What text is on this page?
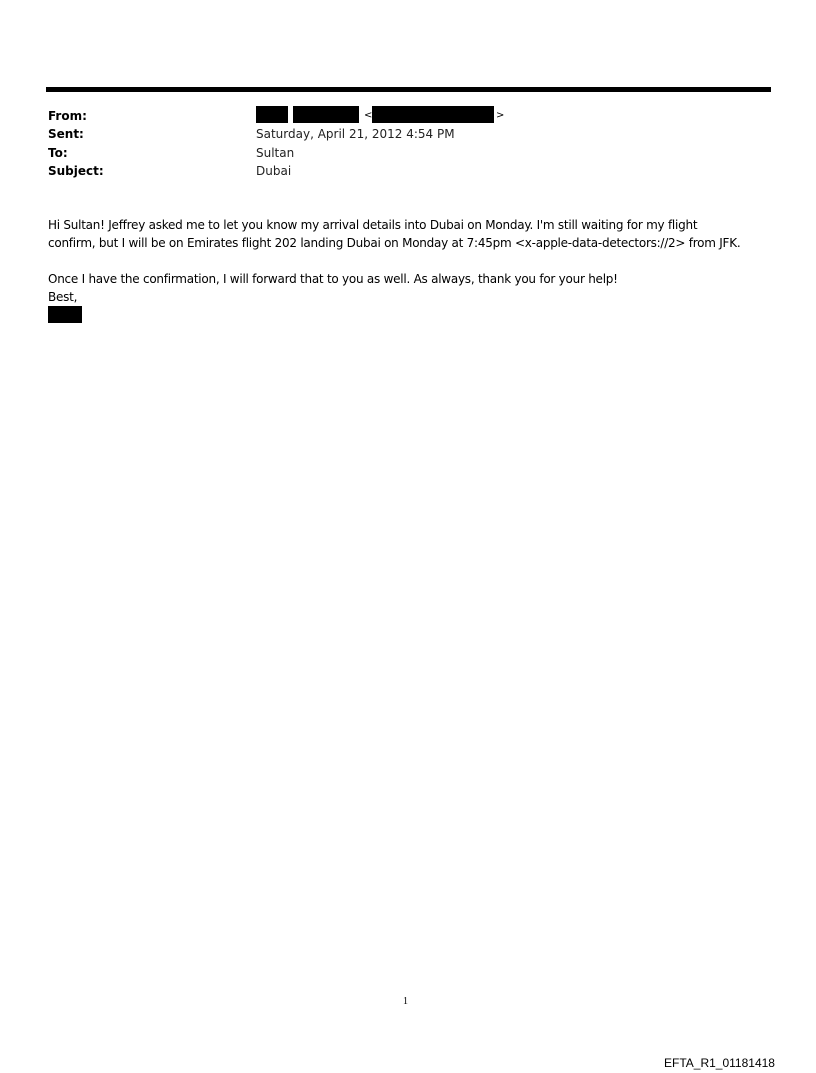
From:	<	>
Sent:	Saturday, April 21, 2012 4:54 PM
To:	Sultan
Subject:	Dubai
Hi Sultan! Jeffrey asked me to let you know my arrival details into Dubai on Monday. I'm still waiting for my flight
confirm, but I will be on Emirates flight 202 landing Dubai on Monday at 7:45pm <x-apple-data-detectors://2> from JFK.
Once I have the confirmation, I will forward that to you as well. As always, thank you for your help!
Best,
1
EFTA_R1_01181418
